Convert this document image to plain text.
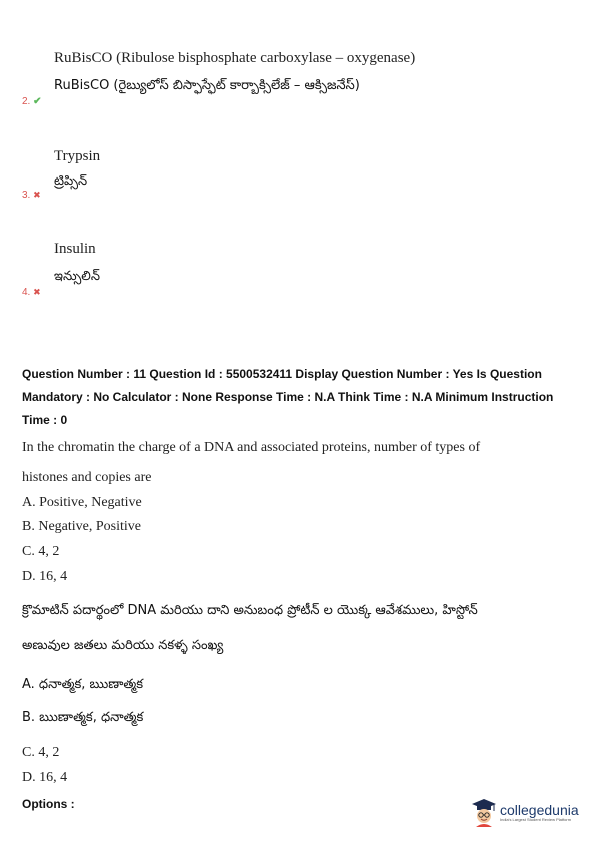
RuBisCO (Ribulose bisphosphate carboxylase – oxygenase)
RuBisCO (రైబ్యులోస్ బిస్ఫాస్ఫేట్ కార్బాక్సిలేజ్ – ఆక్సిజనేస్)
2. ✔
Trypsin
ట్రిప్సిన్
3. ✖
Insulin
ఇన్సులిన్
4. ✖
Question Number : 11 Question Id : 5500532411 Display Question Number : Yes Is Question
Mandatory : No Calculator : None Response Time : N.A Think Time : N.A Minimum Instruction
Time : 0
In the chromatin the charge of a DNA and associated proteins, number of types of
histones and copies are
A. Positive, Negative
B. Negative, Positive
C. 4, 2
D. 16, 4
క్రొమాటిన్ పదార్థంలో DNA మరియు దాని అనుబంధ ప్రోటీన్ ల యొక్క ఆవేశములు, హిస్టోన్
అణువుల జతలు మరియు నకళ్ళ సంఖ్య
A. ధనాత్మక, ఋణాత్మక
B. ఋణాత్మక, ధనాత్మక
C. 4, 2
D. 16, 4
Options :	collegedunia
India's Largest Student Review Platform
